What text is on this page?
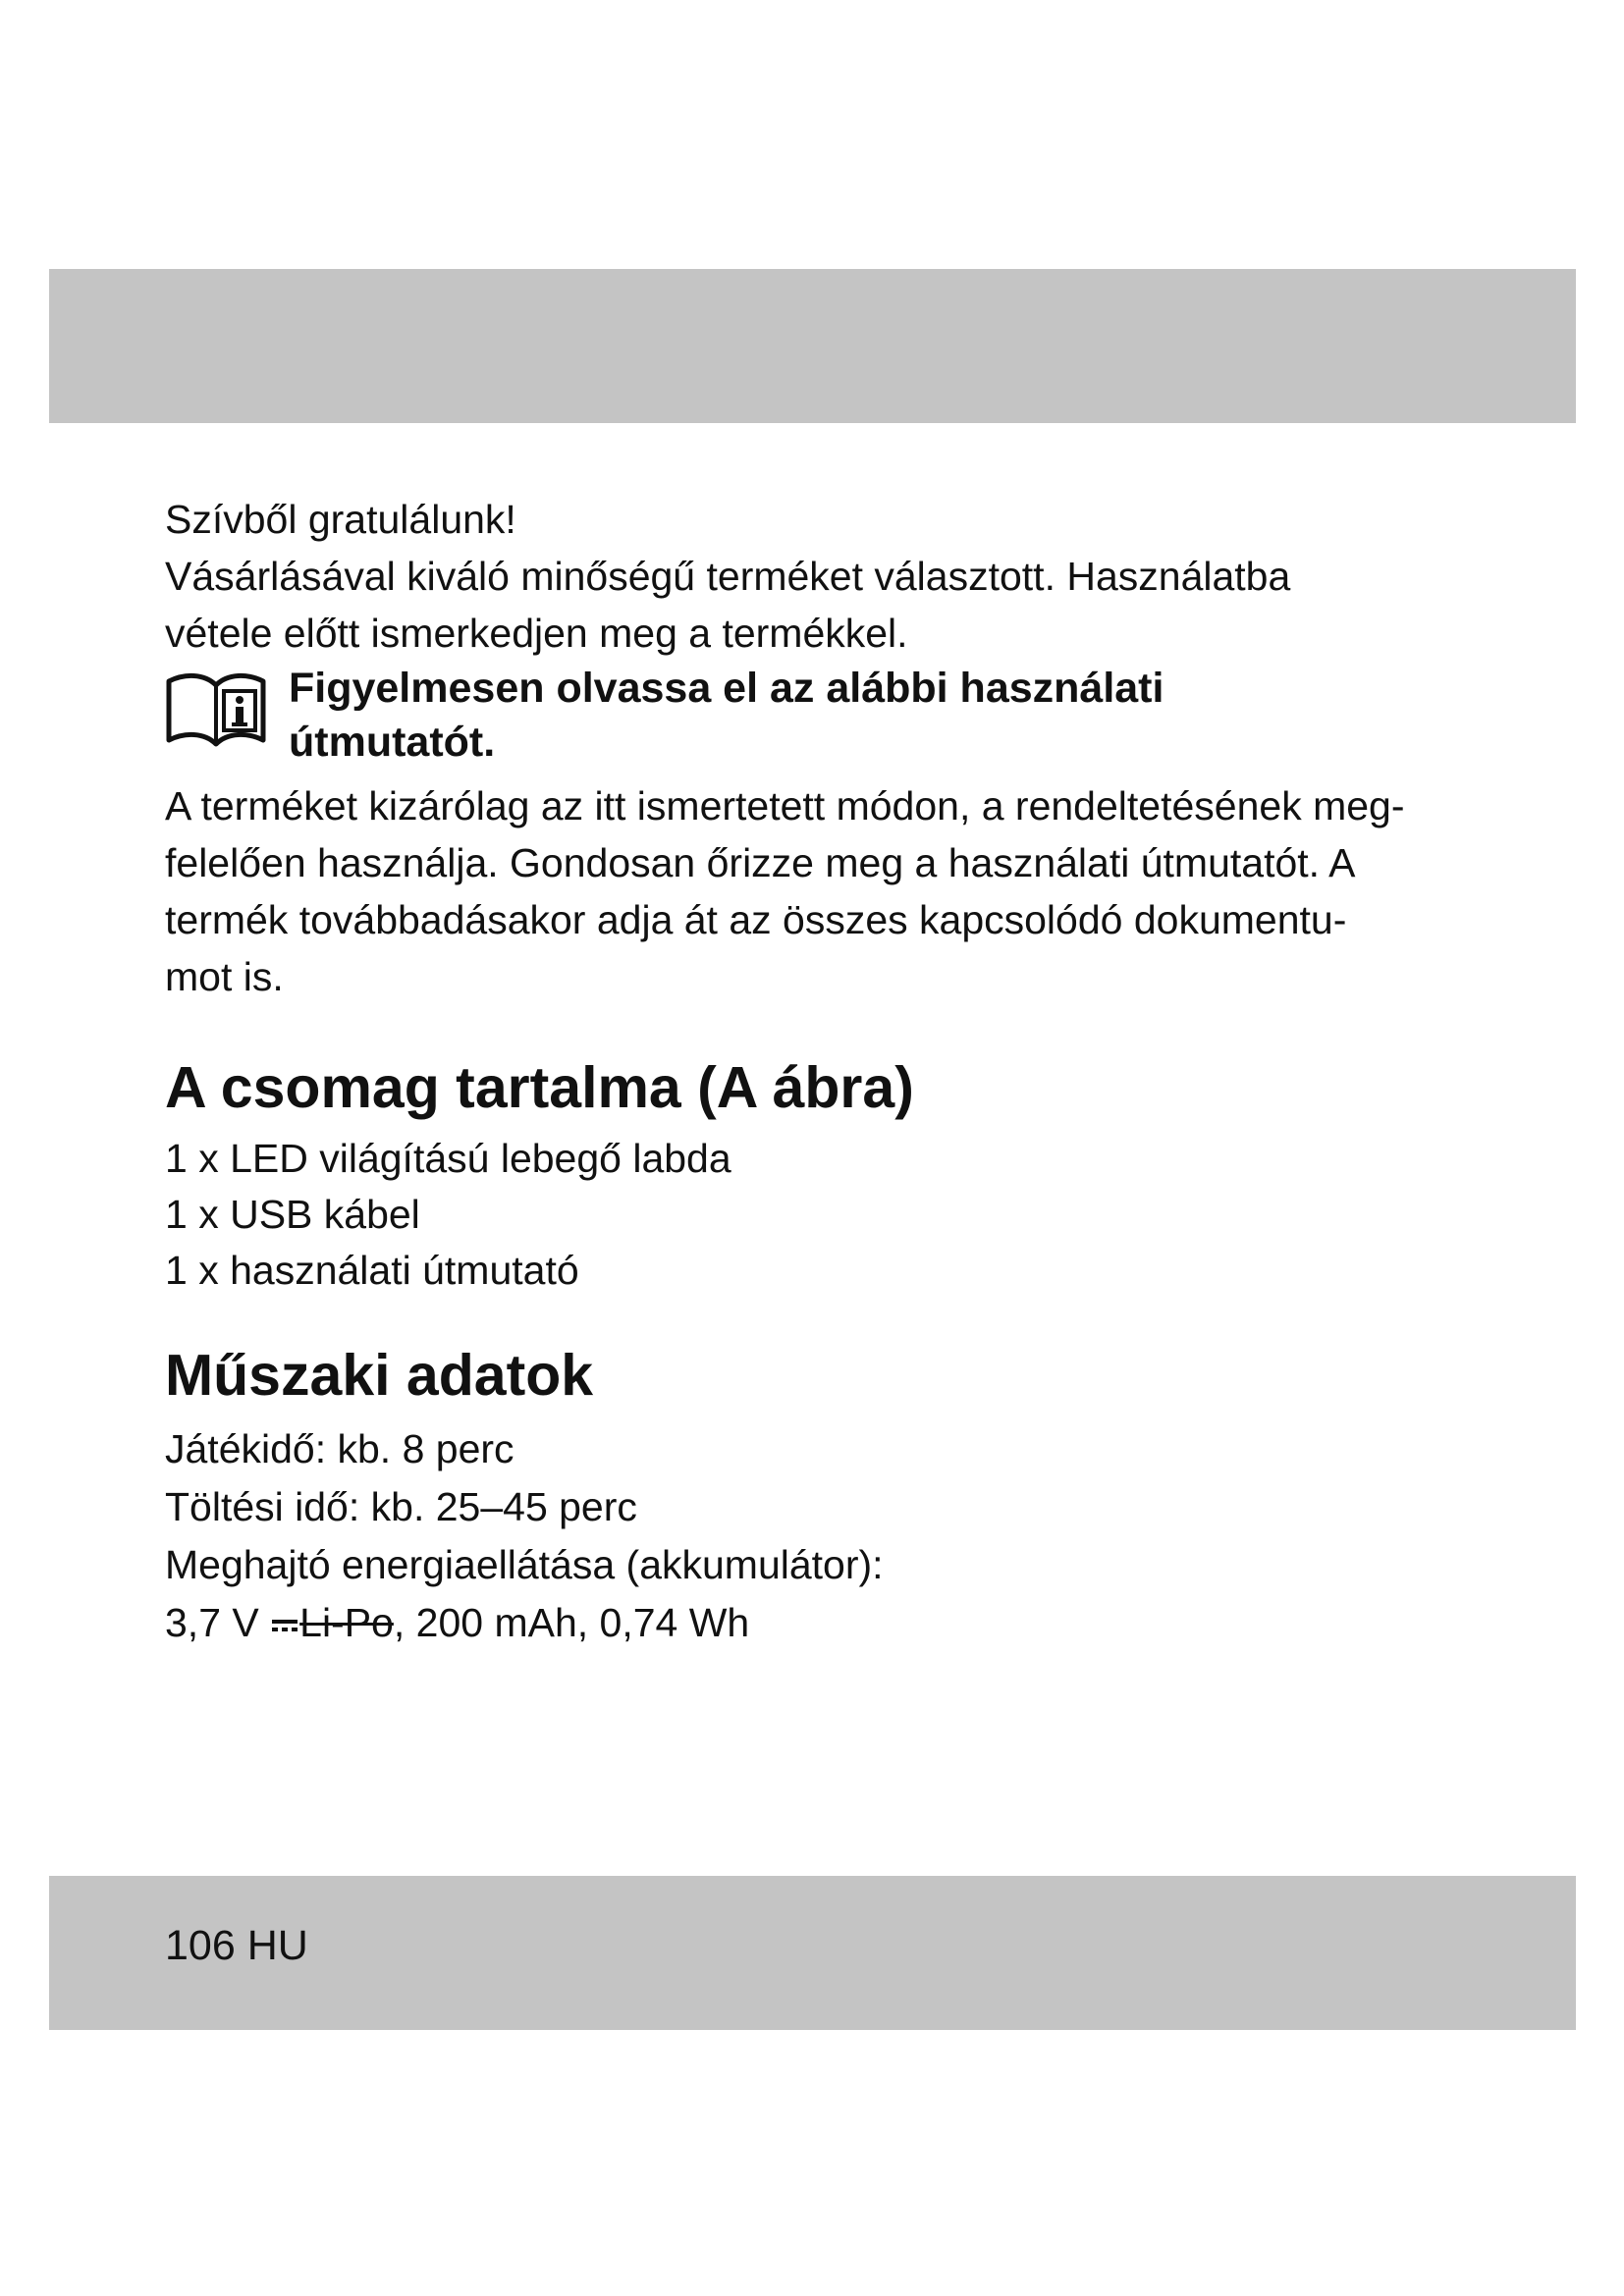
Szívből gratulálunk!

Vásárlásával kiváló minőségű terméket választott. Használatba

vétele előtt ismerkedjen meg a termékkel.

Figyelmesen olvassa el az alábbi használati
útmutatót.

A terméket kizárólag az itt ismertetett módon, a rendeltetésének meg-

felelően használja. Gondosan őrizze meg a használati útmutatót. A

termék továbbadásakor adja át az összes kapcsolódó dokumentu-

mot is.

A csomag tartalma (A ábra)
1 x LED világítású lebegő labda
1 x USB kábel
1 x használati útmutató
Műszaki adatok

Játékidő: kb. 8 perc

Töltési idő: kb. 25–45 perc

Meghajtó energiaellátása (akkumulátor):

3,7 V Li-Po, 200 mAh, 0,74 Wh

106 HU
